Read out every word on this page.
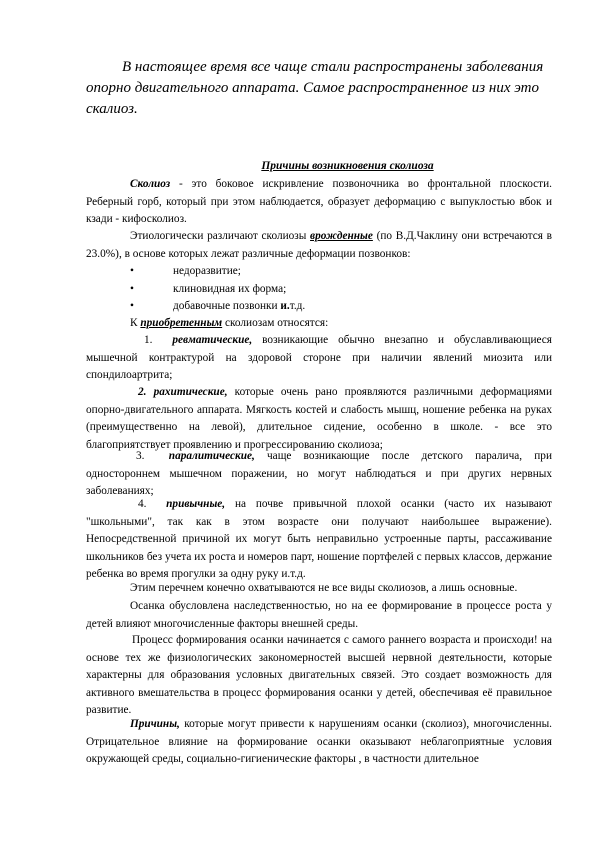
В настоящее время все чаще стали распространены заболевания
опорно двигательного аппарата. Самое распространенное из них это
скалиоз.
Причины возникновения сколиоза
Сколиоз - это боковое искривление позвоночника во фронтальной плоскости. Реберный горб, который при этом наблюдается, образует деформацию с выпуклостью вбок и кзади - кифосколиоз.
Этиологически различают сколиозы врожденные (по В.Д.Чаклину они встречаются в 23.0%), в основе которых лежат различные деформации позвонков:
•	недоразвитие;
•	клиновидная их форма;
•	добавочные позвонки и.т.д.
К приобретенным сколиозам относятся:
1. ревматические, возникающие обычно внезапно и обуславливающиеся мышечной контрактурой на здоровой стороне при наличии явлений миозита или спондилоартрита;
2. рахитические, которые очень рано проявляются различными деформациями опорно-двигательного аппарата. Мягкость костей и слабость мышц, ношение ребенка на руках (преимущественно на левой), длительное сидение, особенно в школе. - все это благоприятствует проявлению и прогрессированию сколиоза;
3. паралитические, чаще возникающие после детского паралича, при одностороннем мышечном поражении, но могут наблюдаться и при других нервных заболеваниях;
4. привычные, на почве привычной плохой осанки (часто их называют "школьными", так как в этом возрасте они получают наибольшее выражение). Непосредственной причиной их могут быть неправильно устроенные парты, рассаживание школьников без учета их роста и номеров парт, ношение портфелей с первых классов, держание ребенка во время прогулки за одну руку и.т.д.
Этим перечнем конечно охватываются не все виды сколиозов, а лишь основные.
Осанка обусловлена наследственностью, но на ее формирование в процессе роста у детей влияют многочисленные факторы внешней среды.
Процесс формирования осанки начинается с самого раннего возраста и происходи! на основе тех же физиологических закономерностей высшей нервной деятельности, которые характерны для образования условных двигательных связей. Это создает возможность для активного вмешательства в процесс формирования осанки у детей, обеспечивая её правильное развитие.
Причины, которые могут привести к нарушениям осанки (сколиоз), многочисленны. Отрицательное влияние на формирование осанки оказывают неблагоприятные условия окружающей среды, социально-гигиенические факторы , в частности длительное
